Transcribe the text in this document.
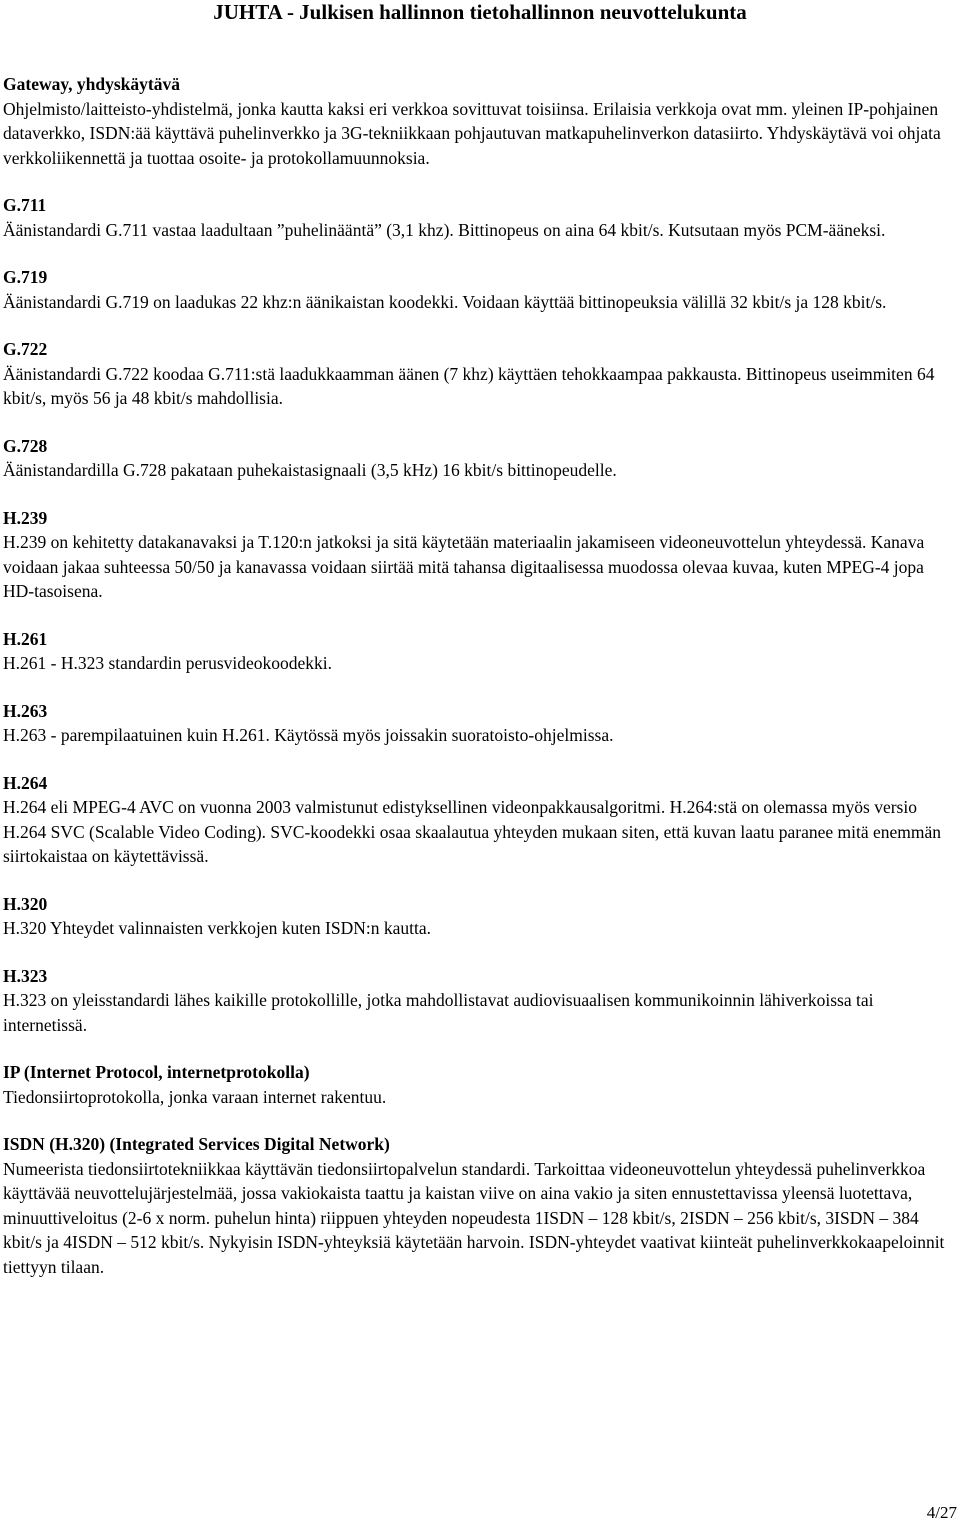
JUHTA - Julkisen hallinnon tietohallinnon neuvottelukunta
Gateway, yhdyskäytävä
Ohjelmisto/laitteisto-yhdistelmä, jonka kautta kaksi eri verkkoa sovittuvat toisiinsa. Erilaisia verkkoja ovat mm. yleinen IP-pohjainen dataverkko, ISDN:ää käyttävä puhelinverkko ja 3G-tekniikkaan pohjautuvan matkapuhelinverkon datasiirto. Yhdyskäytävä voi ohjata verkkoliikennettä ja tuottaa osoite- ja protokollamuunnoksia.
G.711
Äänistandardi G.711 vastaa laadultaan ”puhelinääntä” (3,1 khz). Bittinopeus on aina 64 kbit/s. Kutsutaan myös PCM-ääneksi.
G.719
Äänistandardi G.719 on laadukas 22 khz:n äänikaistan koodekki. Voidaan käyttää bittinopeuksia välillä 32 kbit/s ja 128 kbit/s.
G.722
Äänistandardi G.722 koodaa G.711:stä laadukkaamman äänen (7 khz) käyttäen tehokkaampaa pakkausta. Bittinopeus useimmiten 64 kbit/s, myös 56 ja 48 kbit/s mahdollisia.
G.728
Äänistandardilla G.728 pakataan puhekaistasignaali (3,5 kHz) 16 kbit/s bittinopeudelle.
H.239
H.239 on kehitetty datakanavaksi ja T.120:n jatkoksi ja sitä käytetään materiaalin jakamiseen videoneuvottelun yhteydessä. Kanava voidaan jakaa suhteessa 50/50 ja kanavassa voidaan siirtää mitä tahansa digitaalisessa muodossa olevaa kuvaa, kuten MPEG-4 jopa HD-tasoisena.
H.261
H.261 - H.323 standardin perusvideokoodekki.
H.263
H.263 - parempilaatuinen kuin H.261. Käytössä myös joissakin suoratoisto-ohjelmissa.
H.264
H.264 eli MPEG-4 AVC on vuonna 2003 valmistunut edistyksellinen videonpakkausalgoritmi. H.264:stä on olemassa myös versio H.264 SVC (Scalable Video Coding). SVC-koodekki osaa skaalautua yhteyden mukaan siten, että kuvan laatu paranee mitä enemmän siirtokaistaa on käytettävissä.
H.320
H.320 Yhteydet valinnaisten verkkojen kuten ISDN:n kautta.
H.323
H.323 on yleisstandardi lähes kaikille protokollille, jotka mahdollistavat audiovisuaalisen kommunikoinnin lähiverkoissa tai internetissä.
IP (Internet Protocol, internetprotokolla)
Tiedonsiirtoprotokolla, jonka varaan internet rakentuu.
ISDN (H.320) (Integrated Services Digital Network)
Numeerista tiedonsiirtotekniikkaa käyttävän tiedonsiirtopalvelun standardi. Tarkoittaa videoneuvottelun yhteydessä puhelinverkkoa käyttävää neuvottelujärjestelmää, jossa vakiokaista taattu ja kaistan viive on aina vakio ja siten ennustettavissa yleensä luotettava, minuuttiveloitus (2-6 x norm. puhelun hinta) riippuen yhteyden nopeudesta 1ISDN – 128 kbit/s, 2ISDN – 256 kbit/s, 3ISDN – 384 kbit/s ja 4ISDN – 512 kbit/s. Nykyisin ISDN-yhteyksiä käytetään harvoin. ISDN-yhteydet vaativat kiinteät puhelinverkkokaapeloinnit tiettyyn tilaan.
4/27
